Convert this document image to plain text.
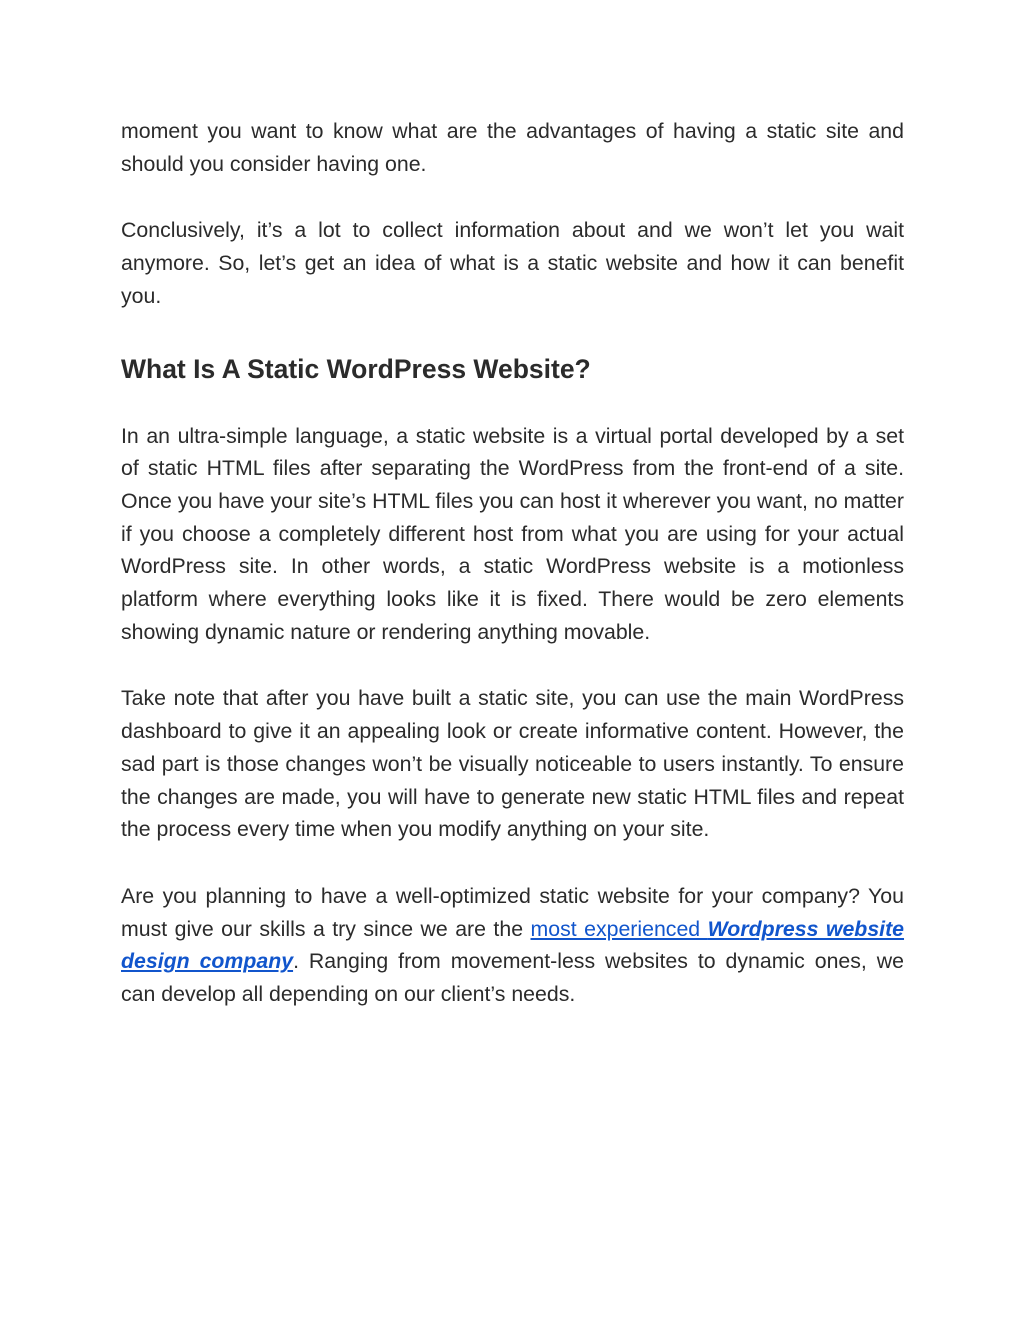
moment you want to know what are the advantages of having a static site and should you consider having one.

Conclusively, it’s a lot to collect information about and we won’t let you wait anymore. So, let’s get an idea of what is a static website and how it can benefit you.

What Is A Static WordPress Website?

In an ultra-simple language, a static website is a virtual portal developed by a set of static HTML files after separating the WordPress from the front-end of a site. Once you have your site’s HTML files you can host it wherever you want, no matter if you choose a completely different host from what you are using for your actual WordPress site. In other words, a static WordPress website is a motionless platform where everything looks like it is fixed. There would be zero elements showing dynamic nature or rendering anything movable.

Take note that after you have built a static site, you can use the main WordPress dashboard to give it an appealing look or create informative content. However, the sad part is those changes won’t be visually noticeable to users instantly. To ensure the changes are made, you will have to generate new static HTML files and repeat the process every time when you modify anything on your site.

Are you planning to have a well-optimized static website for your company? You must give our skills a try since we are the most experienced Wordpress website design company. Ranging from movement-less websites to dynamic ones, we can develop all depending on our client’s needs.
